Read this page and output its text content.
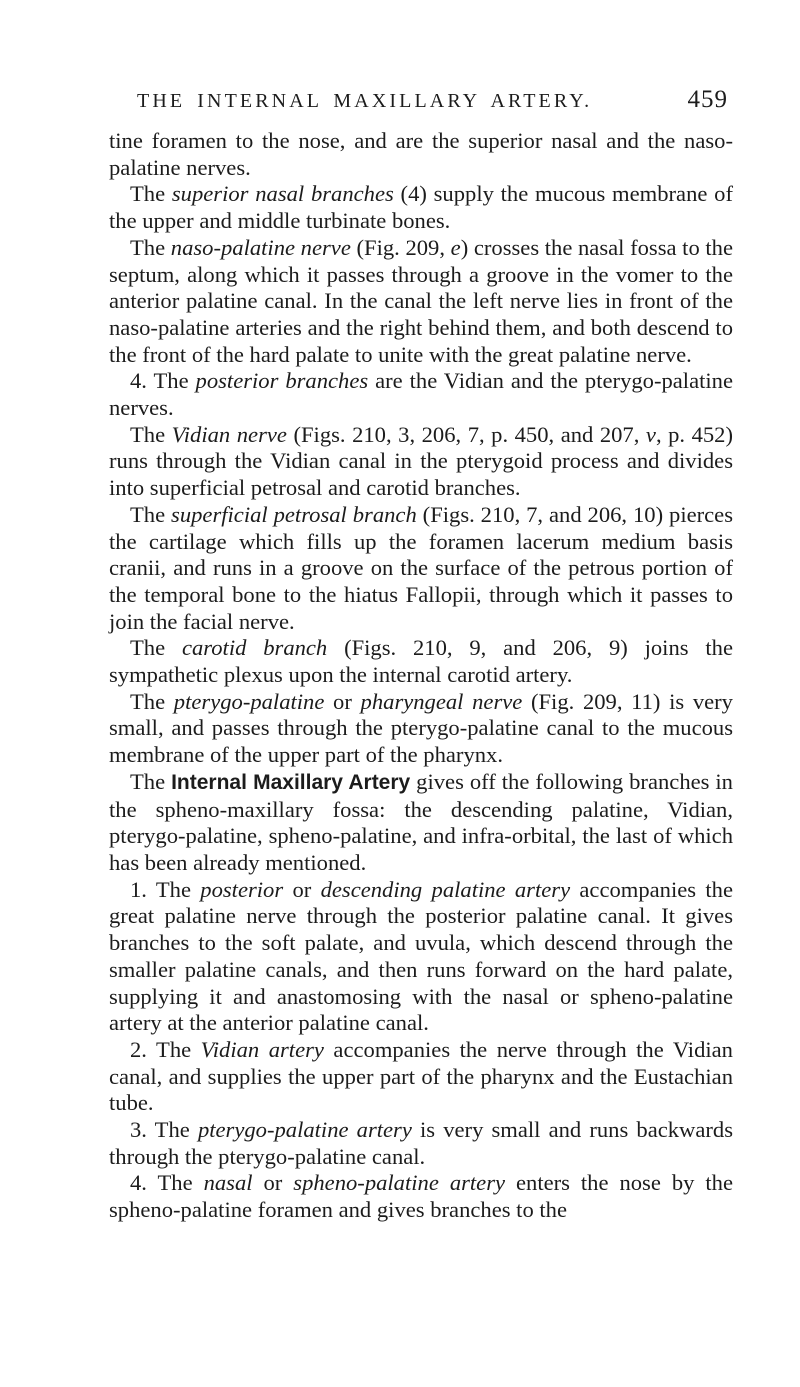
THE INTERNAL MAXILLARY ARTERY.	459

tine foramen to the nose, and are the superior nasal and the naso-palatine nerves.

The superior nasal branches (4) supply the mucous membrane of the upper and middle turbinate bones.

The naso-palatine nerve (Fig. 209, e) crosses the nasal fossa to the septum, along which it passes through a groove in the vomer to the anterior palatine canal. In the canal the left nerve lies in front of the naso-palatine arteries and the right behind them, and both descend to the front of the hard palate to unite with the great palatine nerve.

4. The posterior branches are the Vidian and the pterygo-palatine nerves.

The Vidian nerve (Figs. 210, 3, 206, 7, p. 450, and 207, v, p. 452) runs through the Vidian canal in the pterygoid process and divides into superficial petrosal and carotid branches.

The superficial petrosal branch (Figs. 210, 7, and 206, 10) pierces the cartilage which fills up the foramen lacerum medium basis cranii, and runs in a groove on the surface of the petrous portion of the temporal bone to the hiatus Fallopii, through which it passes to join the facial nerve.

The carotid branch (Figs. 210, 9, and 206, 9) joins the sympathetic plexus upon the internal carotid artery.

The pterygo-palatine or pharyngeal nerve (Fig. 209, 11) is very small, and passes through the pterygo-palatine canal to the mucous membrane of the upper part of the pharynx.

The Internal Maxillary Artery gives off the following branches in the spheno-maxillary fossa: the descending palatine, Vidian, pterygo-palatine, spheno-palatine, and infra-orbital, the last of which has been already mentioned.

1. The posterior or descending palatine artery accompanies the great palatine nerve through the posterior palatine canal. It gives branches to the soft palate, and uvula, which descend through the smaller palatine canals, and then runs forward on the hard palate, supplying it and anastomosing with the nasal or spheno-palatine artery at the anterior palatine canal.

2. The Vidian artery accompanies the nerve through the Vidian canal, and supplies the upper part of the pharynx and the Eustachian tube.

3. The pterygo-palatine artery is very small and runs backwards through the pterygo-palatine canal.

4. The nasal or spheno-palatine artery enters the nose by the spheno-palatine foramen and gives branches to the
